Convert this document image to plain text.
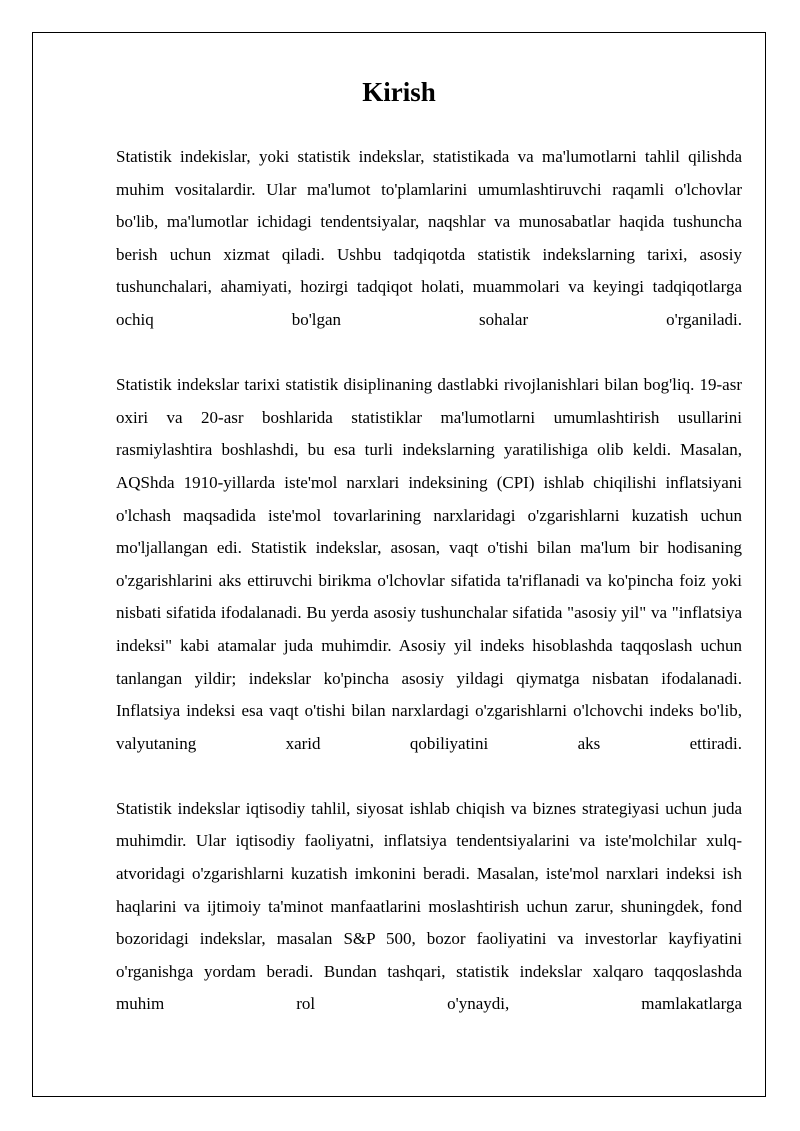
Kirish

Statistik indekislar, yoki statistik indekslar, statistikada va ma'lumotlarni tahlil qilishda muhim vositalardir. Ular ma'lumot to'plamlarini umumlashtiruvchi raqamli o'lchovlar bo'lib, ma'lumotlar ichidagi tendentsiyalar, naqshlar va munosabatlar haqida tushuncha berish uchun xizmat qiladi. Ushbu tadqiqotda statistik indekslarning tarixi, asosiy tushunchalari, ahamiyati, hozirgi tadqiqot holati, muammolari va keyingi tadqiqotlarga ochiq bo'lgan sohalar o'rganiladi.

Statistik indekslar tarixi statistik disiplinaning dastlabki rivojlanishlari bilan bog'liq. 19-asr oxiri va 20-asr boshlarida statistiklar ma'lumotlarni umumlashtirish usullarini rasmiylashtira boshlashdi, bu esa turli indekslarning yaratilishiga olib keldi. Masalan, AQShda 1910-yillarda iste'mol narxlari indeksining (CPI) ishlab chiqilishi inflatsiyani o'lchash maqsadida iste'mol tovarlarining narxlaridagi o'zgarishlarni kuzatish uchun mo'ljallangan edi. Statistik indekslar, asosan, vaqt o'tishi bilan ma'lum bir hodisaning o'zgarishlarini aks ettiruvchi birikma o'lchovlar sifatida ta'riflanadi va ko'pincha foiz yoki nisbati sifatida ifodalanadi. Bu yerda asosiy tushunchalar sifatida "asosiy yil" va "inflatsiya indeksi" kabi atamalar juda muhimdir. Asosiy yil indeks hisoblashda taqqoslash uchun tanlangan yildir; indekslar ko'pincha asosiy yildagi qiymatga nisbatan ifodalanadi. Inflatsiya indeksi esa vaqt o'tishi bilan narxlardagi o'zgarishlarni o'lchovchi indeks bo'lib, valyutaning xarid qobiliyatini aks ettiradi.

Statistik indekslar iqtisodiy tahlil, siyosat ishlab chiqish va biznes strategiyasi uchun juda muhimdir. Ular iqtisodiy faoliyatni, inflatsiya tendentsiyalarini va iste'molchilar xulq-atvoridagi o'zgarishlarni kuzatish imkonini beradi. Masalan, iste'mol narxlari indeksi ish haqlarini va ijtimoiy ta'minot manfaatlarini moslashtirish uchun zarur, shuningdek, fond bozoridagi indekslar, masalan S&P 500, bozor faoliyatini va investorlar kayfiyatini o'rganishga yordam beradi. Bundan tashqari, statistik indekslar xalqaro taqqoslashda muhim rol o'ynaydi, mamlakatlarga
